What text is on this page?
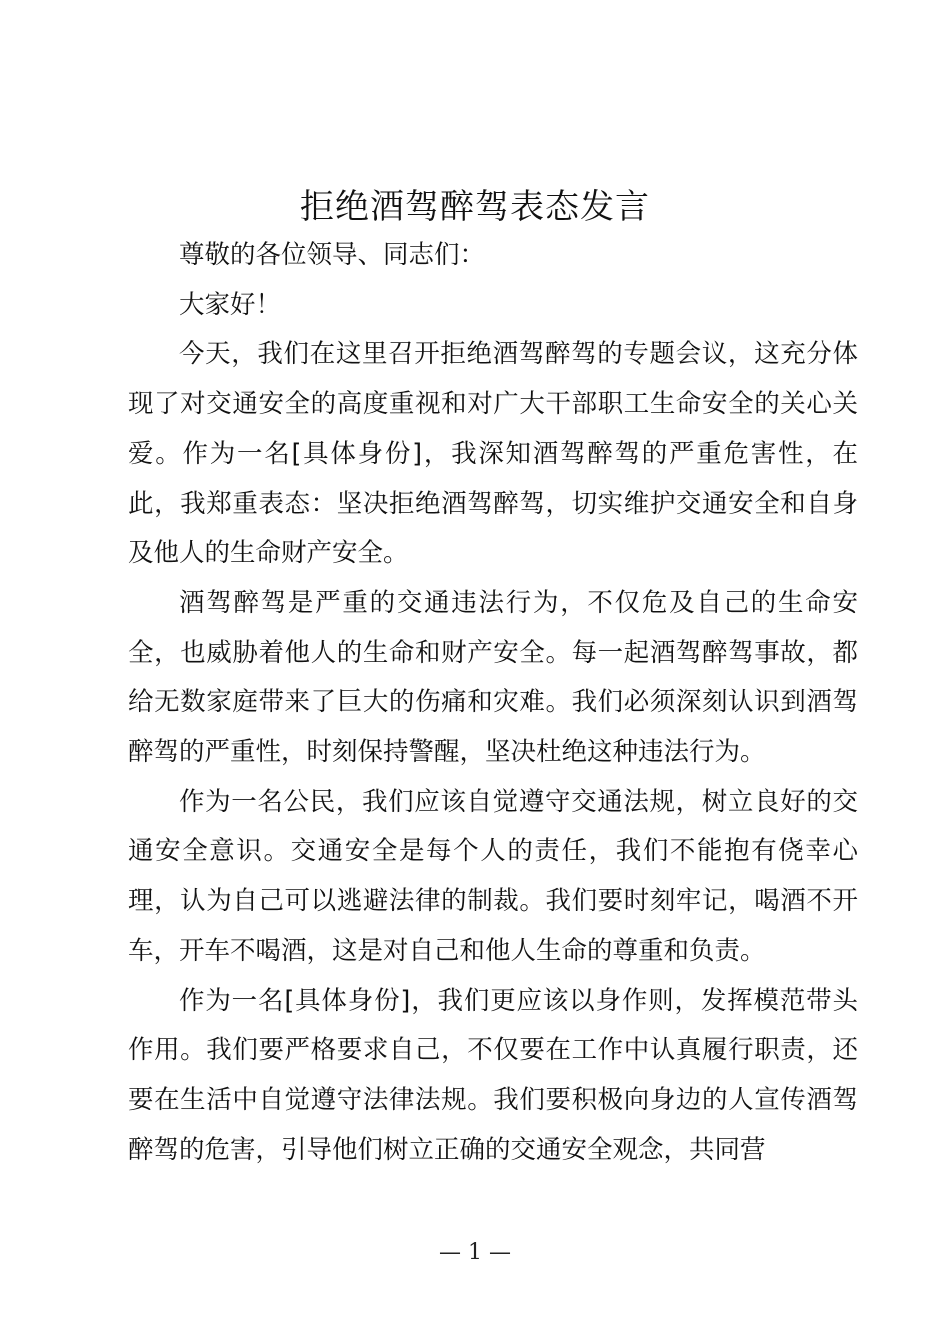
拒绝酒驾醉驾表态发言

尊敬的各位领导、同志们：

大家好！

今天，我们在这里召开拒绝酒驾醉驾的专题会议，这充分体现了对交通安全的高度重视和对广大干部职工生命安全的关心关爱。作为一名[具体身份]，我深知酒驾醉驾的严重危害性，在此，我郑重表态：坚决拒绝酒驾醉驾，切实维护交通安全和自身及他人的生命财产安全。

酒驾醉驾是严重的交通违法行为，不仅危及自己的生命安全，也威胁着他人的生命和财产安全。每一起酒驾醉驾事故，都给无数家庭带来了巨大的伤痛和灾难。我们必须深刻认识到酒驾醉驾的严重性，时刻保持警醒，坚决杜绝这种违法行为。

作为一名公民，我们应该自觉遵守交通法规，树立良好的交通安全意识。交通安全是每个人的责任，我们不能抱有侥幸心理，认为自己可以逃避法律的制裁。我们要时刻牢记，喝酒不开车，开车不喝酒，这是对自己和他人生命的尊重和负责。

作为一名[具体身份]，我们更应该以身作则，发挥模范带头作用。我们要严格要求自己，不仅要在工作中认真履行职责，还要在生活中自觉遵守法律法规。我们要积极向身边的人宣传酒驾醉驾的危害，引导他们树立正确的交通安全观念，共同营

— 1 —
